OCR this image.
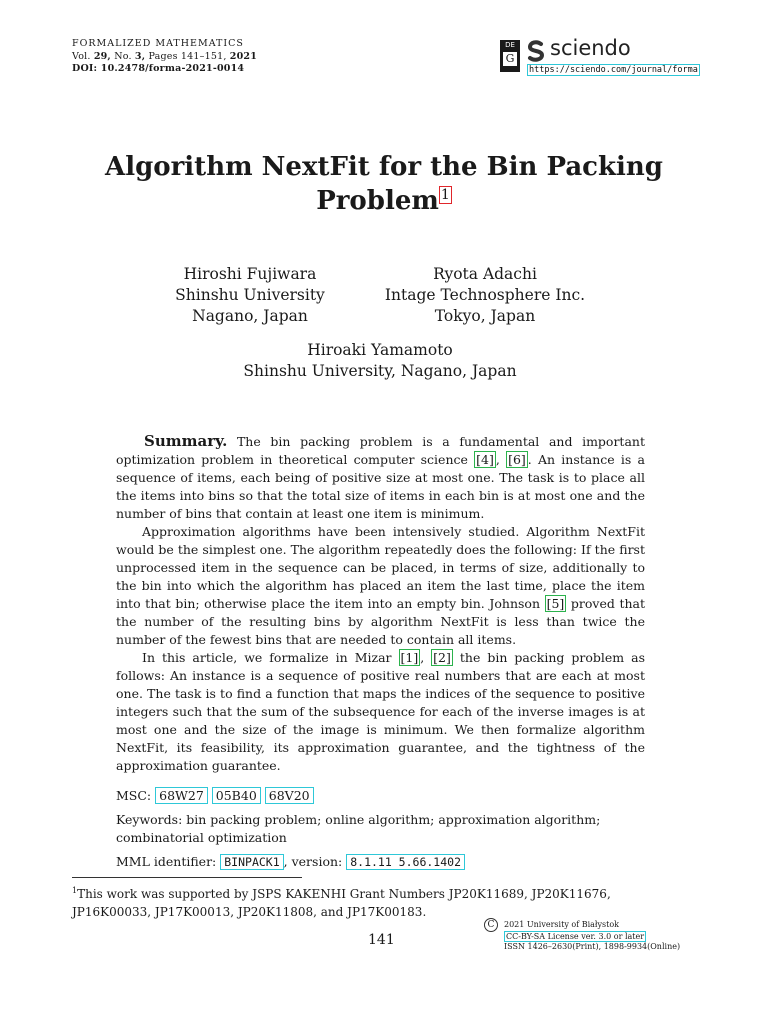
FORMALIZED MATHEMATICS
Vol. 29, No. 3, Pages 141–151, 2021
DOI: 10.2478/forma-2021-0014
DE
G sciendo
https://sciendo.com/journal/forma
Algorithm NextFit for the Bin Packing
Problem $^1$
Hiroshi Fujiwara
Shinshu University
Nagano, Japan
Ryota Adachi
Intage Technosphere Inc.
Tokyo, Japan
Hiroaki Yamamoto
Shinshu University, Nagano, Japan

Summary. The bin packing problem is a fundamental and important optimization problem in theoretical computer science [4] , [6] . An instance is a sequence of items, each being of positive size at most one. The task is to place all the items into bins so that the total size of items in each bin is at most one and the number of bins that contain at least one item is minimum.

Approximation algorithms have been intensively studied. Algorithm NextFit would be the simplest one. The algorithm repeatedly does the following: If the first unprocessed item in the sequence can be placed, in terms of size, additionally to the bin into which the algorithm has placed an item the last time, place the item into that bin; otherwise place the item into an empty bin. Johnson [5] proved that the number of the resulting bins by algorithm NextFit is less than twice the number of the fewest bins that are needed to contain all items.

In this article, we formalize in Mizar [1] , [2] the bin packing problem as follows: An instance is a sequence of positive real numbers that are each at most one. The task is to find a function that maps the indices of the sequence to positive integers such that the sum of the subsequence for each of the inverse images is at most one and the size of the image is minimum. We then formalize algorithm NextFit, its feasibility, its approximation guarantee, and the tightness of the approximation guarantee.

MSC: 68W27 05B40 68V20
Keywords: bin packing problem; online algorithm; approximation algorithm; combinatorial optimization
MML identifier: BINPACK1 , version: 8.1.11 5.66.1402
$^1$This work was supported by JSPS KAKENHI Grant Numbers JP20K11689, JP20K11676, JP16K00033, JP17K00013, JP20K11808, and JP17K00183.
141
C 2021 University of Białystok
CC-BY-SA License ver. 3.0 or later
ISSN 1426–2630(Print), 1898-9934(Online)
